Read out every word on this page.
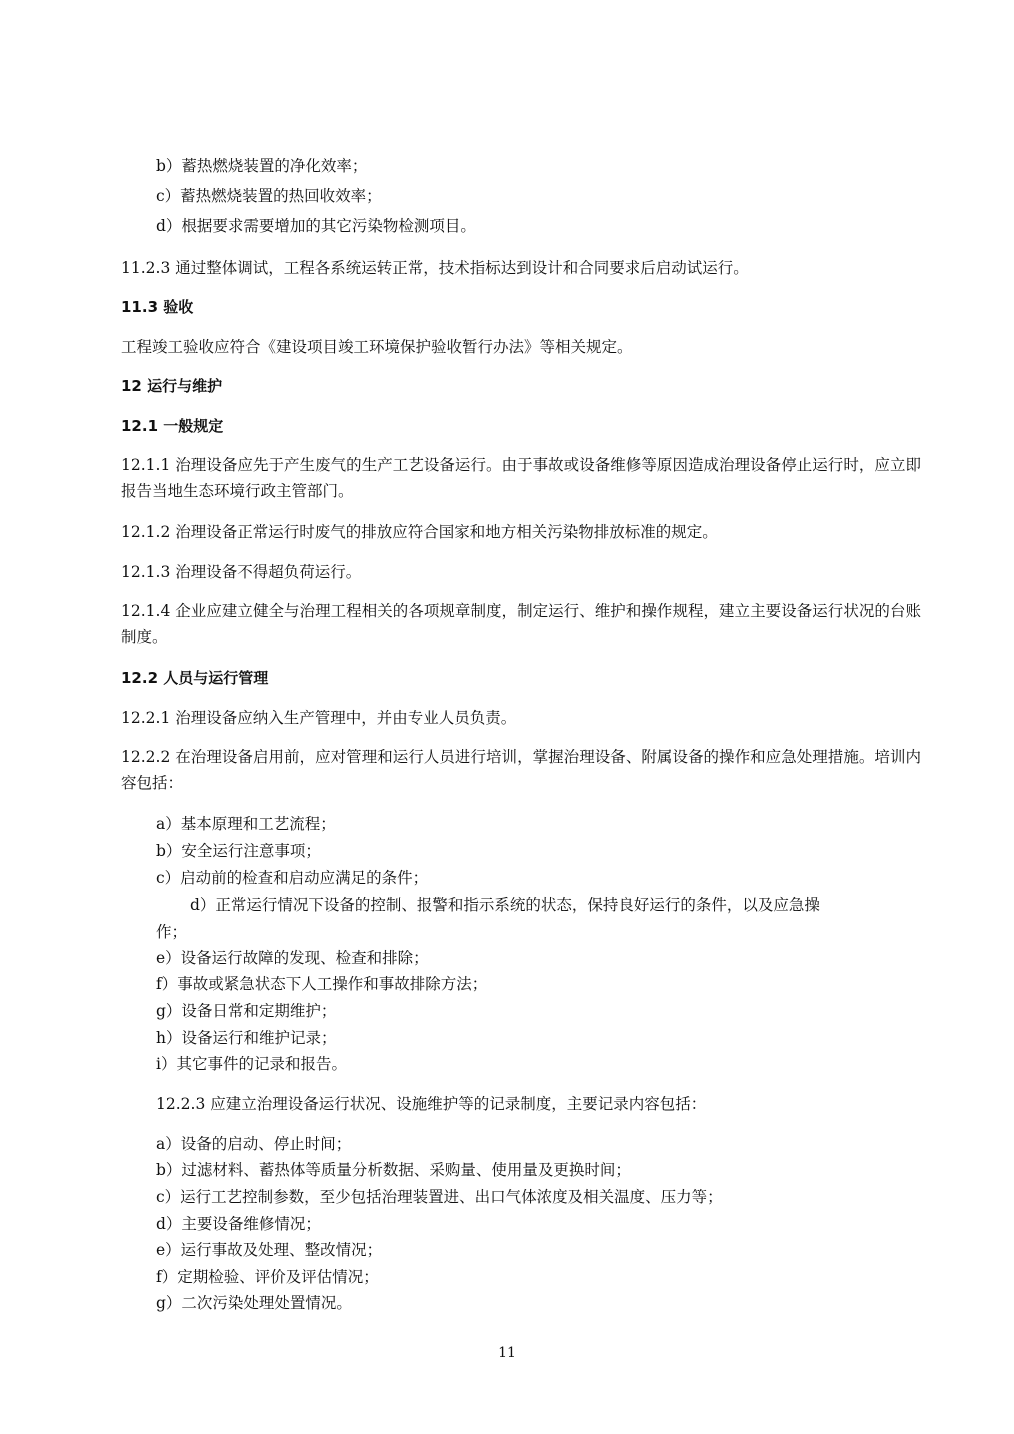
b）蓄热燃烧装置的净化效率；
c）蓄热燃烧装置的热回收效率；
d）根据要求需要增加的其它污染物检测项目。
11.2.3 通过整体调试，工程各系统运转正常，技术指标达到设计和合同要求后启动试运行。
11.3 验收
工程竣工验收应符合《建设项目竣工环境保护验收暂行办法》等相关规定。
12 运行与维护
12.1 一般规定
12.1.1 治理设备应先于产生废气的生产工艺设备运行。由于事故或设备维修等原因造成治理设备停止运行时，应立即报告当地生态环境行政主管部门。
12.1.2 治理设备正常运行时废气的排放应符合国家和地方相关污染物排放标准的规定。
12.1.3 治理设备不得超负荷运行。
12.1.4 企业应建立健全与治理工程相关的各项规章制度，制定运行、维护和操作规程，建立主要设备运行状况的台账制度。
12.2 人员与运行管理
12.2.1 治理设备应纳入生产管理中，并由专业人员负责。
12.2.2 在治理设备启用前，应对管理和运行人员进行培训，掌握治理设备、附属设备的操作和应急处理措施。培训内容包括：
a）基本原理和工艺流程；
b）安全运行注意事项；
c）启动前的检查和启动应满足的条件；
d）正常运行情况下设备的控制、报警和指示系统的状态，保持良好运行的条件，以及应急操
作；
e）设备运行故障的发现、检查和排除；
f）事故或紧急状态下人工操作和事故排除方法；
g）设备日常和定期维护；
h）设备运行和维护记录；
i）其它事件的记录和报告。
12.2.3 应建立治理设备运行状况、设施维护等的记录制度，主要记录内容包括：
a）设备的启动、停止时间；
b）过滤材料、蓄热体等质量分析数据、采购量、使用量及更换时间；
c）运行工艺控制参数，至少包括治理装置进、出口气体浓度及相关温度、压力等；
d）主要设备维修情况；
e）运行事故及处理、整改情况；
f）定期检验、评价及评估情况；
g）二次污染处理处置情况。
11
